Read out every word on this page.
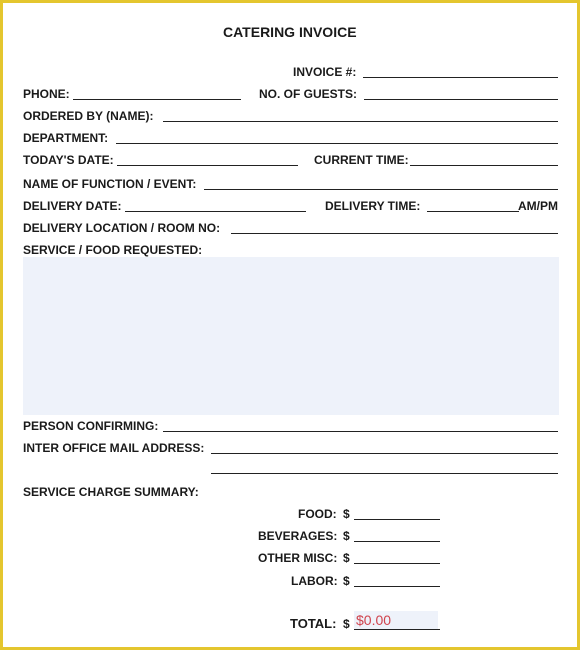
CATERING INVOICE
INVOICE #:
PHONE:	NO. OF GUESTS:
ORDERED BY (NAME):
DEPARTMENT:
TODAY'S DATE:	CURRENT TIME:
NAME OF FUNCTION / EVENT:
DELIVERY DATE:	DELIVERY TIME:	AM/PM
DELIVERY LOCATION / ROOM NO:
SERVICE / FOOD REQUESTED:
PERSON CONFIRMING:
INTER OFFICE MAIL ADDRESS:
SERVICE CHARGE SUMMARY:
FOOD: $
BEVERAGES: $
OTHER MISC: $
LABOR: $
TOTAL: $ $0.00
